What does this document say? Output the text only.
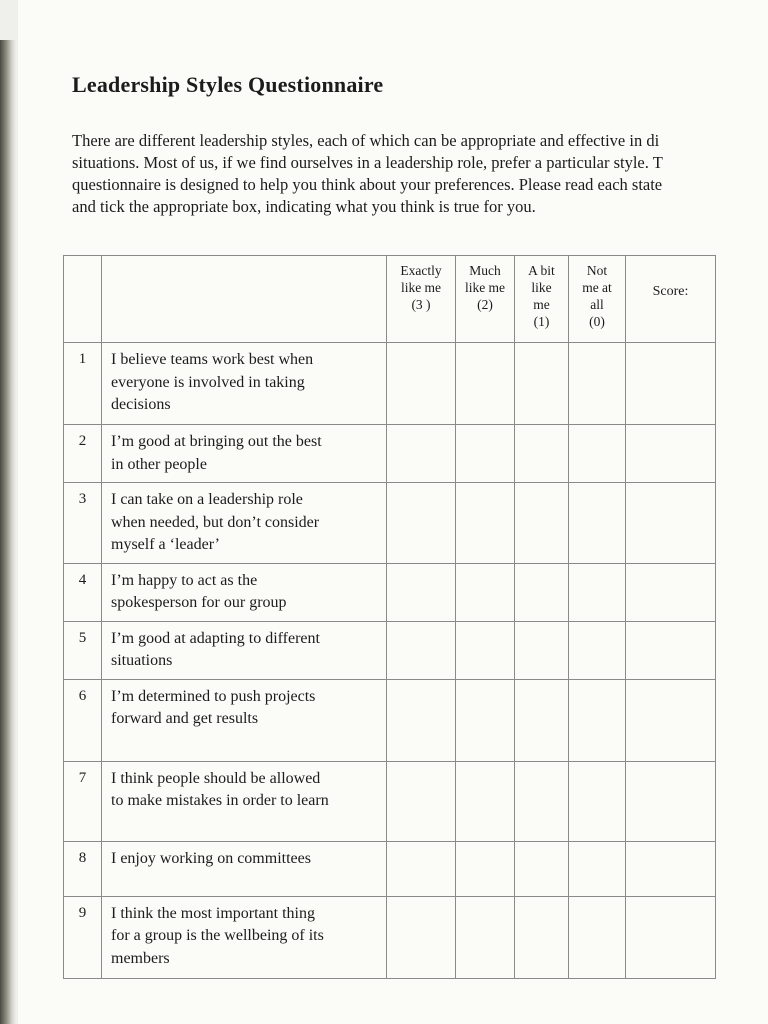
Leadership Styles Questionnaire
There are different leadership styles, each of which can be appropriate and effective in di
situations. Most of us, if we find ourselves in a leadership role, prefer a particular style. T
questionnaire is designed to help you think about your preferences. Please read each state
and tick the appropriate box, indicating what you think is true for you.

		Exactly
like me
(3 )	Much
like me
(2)	A bit
like
me
(1)	Not
me at
all
(0)	Score:
1	I believe teams work best when
everyone is involved in taking
decisions					

2	I’m good at bringing out the best
in other people					

3	I can take on a leadership role
when needed, but don’t consider
myself a ‘leader’					

4	I’m happy to act as the
spokesperson for our group					

5	I’m good at adapting to different
situations					

6	I’m determined to push projects
forward and get results					

7	I think people should be allowed
to make mistakes in order to learn					

8	I enjoy working on committees					

9	I think the most important thing
for a group is the wellbeing of its
members					
